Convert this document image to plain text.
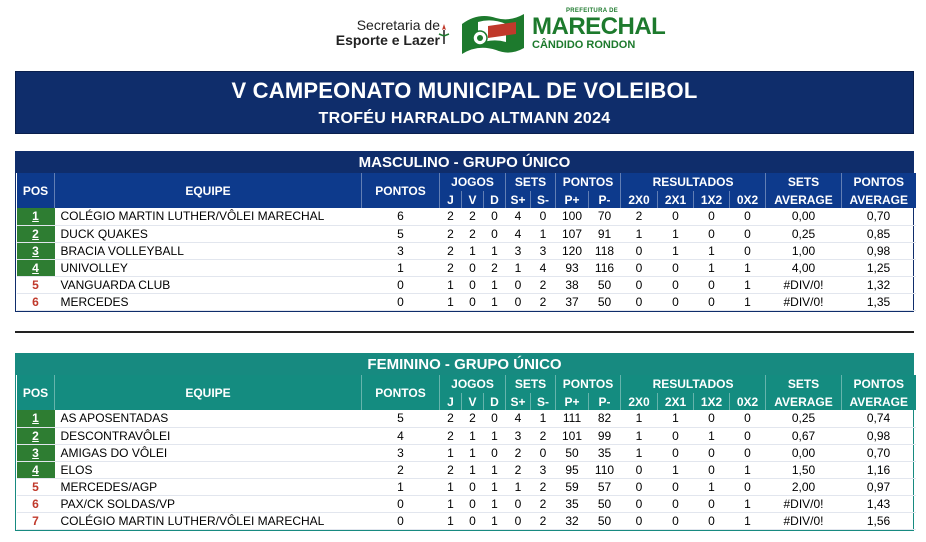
Secretaria de
Esporte e Lazer
PREFEITURA DE
MARECHAL
CÂNDIDO RONDON
V CAMPEONATO MUNICIPAL DE VOLEIBOL
TROFÉU HARRALDO ALTMANN 2024
MASCULINO - GRUPO ÚNICO
POS	EQUIPE	PONTOS	JOGOS			SETS		PONTOS		RESULTADOS				SETS	PONTOS
			J	V	D	S+	S-	P+	P-	2X0	2X1	1X2	0X2	AVERAGE	AVERAGE
1	COLÉGIO MARTIN LUTHER/VÔLEI MARECHAL	6	2	2	0	4	0	100	70	2	0	0	0	0,00	0,70
2	DUCK QUAKES	5	2	2	0	4	1	107	91	1	1	0	0	0,25	0,85
3	BRACIA VOLLEYBALL	3	2	1	1	3	3	120	118	0	1	1	0	1,00	0,98
4	UNIVOLLEY	1	2	0	2	1	4	93	116	0	0	1	1	4,00	1,25
5	VANGUARDA CLUB	0	1	0	1	0	2	38	50	0	0	0	1	#DIV/0!	1,32
6	MERCEDES	0	1	0	1	0	2	37	50	0	0	0	1	#DIV/0!	1,35
FEMININO - GRUPO ÚNICO
POS	EQUIPE	PONTOS	JOGOS			SETS		PONTOS		RESULTADOS				SETS	PONTOS
			J	V	D	S+	S-	P+	P-	2X0	2X1	1X2	0X2	AVERAGE	AVERAGE
1	AS APOSENTADAS	5	2	2	0	4	1	111	82	1	1	0	0	0,25	0,74
2	DESCONTRAVÔLEI	4	2	1	1	3	2	101	99	1	0	1	0	0,67	0,98
3	AMIGAS DO VÔLEI	3	1	1	0	2	0	50	35	1	0	0	0	0,00	0,70
4	ELOS	2	2	1	1	2	3	95	110	0	1	0	1	1,50	1,16
5	MERCEDES/AGP	1	1	0	1	1	2	59	57	0	0	1	0	2,00	0,97
6	PAX/CK SOLDAS/VP	0	1	0	1	0	2	35	50	0	0	0	1	#DIV/0!	1,43
7	COLÉGIO MARTIN LUTHER/VÔLEI MARECHAL	0	1	0	1	0	2	32	50	0	0	0	1	#DIV/0!	1,56
